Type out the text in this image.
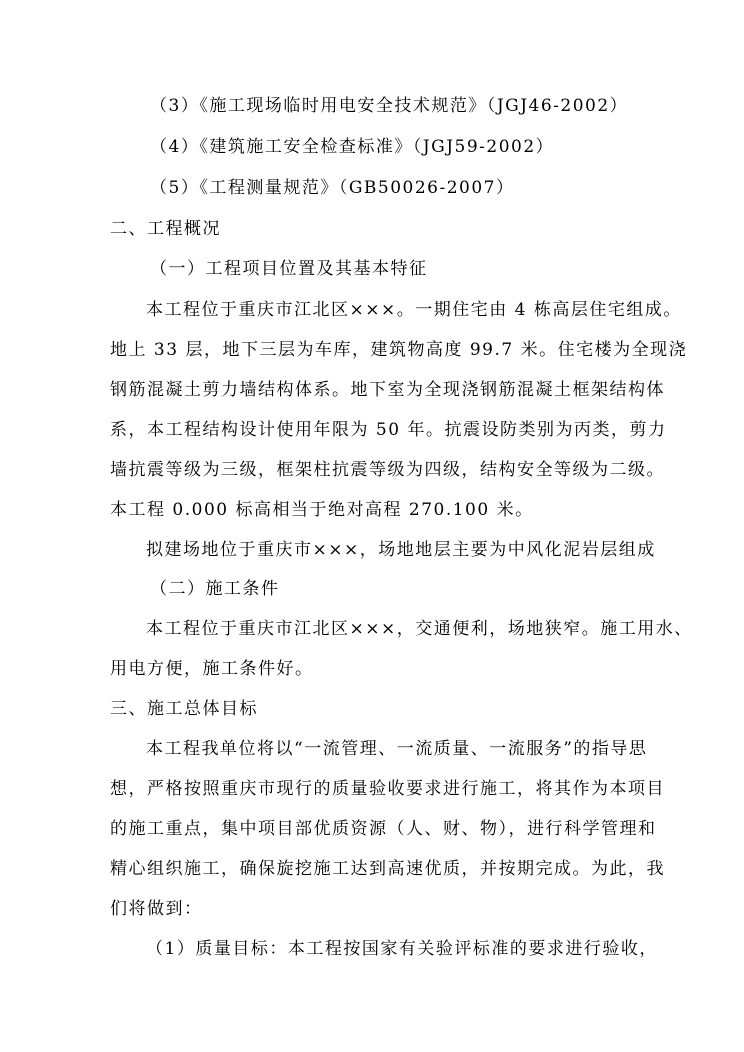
（3）《施工现场临时用电安全技术规范》（JGJ46-2002）
（4）《建筑施工安全检查标准》（JGJ59-2002）
（5）《工程测量规范》（GB50026-2007）
二、工程概况
（一）工程项目位置及其基本特征
本工程位于重庆市江北区×××。一期住宅由 4 栋高层住宅组成。
地上 33 层，地下三层为车库，建筑物高度 99.7 米。住宅楼为全现浇
钢筋混凝土剪力墙结构体系。地下室为全现浇钢筋混凝土框架结构体
系，本工程结构设计使用年限为 50 年。抗震设防类别为丙类，剪力
墙抗震等级为三级，框架柱抗震等级为四级，结构安全等级为二级。
本工程 0.000 标高相当于绝对高程 270.100 米。
拟建场地位于重庆市×××，场地地层主要为中风化泥岩层组成
（二）施工条件
本工程位于重庆市江北区×××，交通便利，场地狭窄。施工用水、
用电方便，施工条件好。
三、施工总体目标
本工程我单位将以“一流管理、一流质量、一流服务”的指导思
想，严格按照重庆市现行的质量验收要求进行施工，将其作为本项目
的施工重点，集中项目部优质资源（人、财、物），进行科学管理和
精心组织施工，确保旋挖施工达到高速优质，并按期完成。为此，我
们将做到：
（1）质量目标：本工程按国家有关验评标准的要求进行验收，
